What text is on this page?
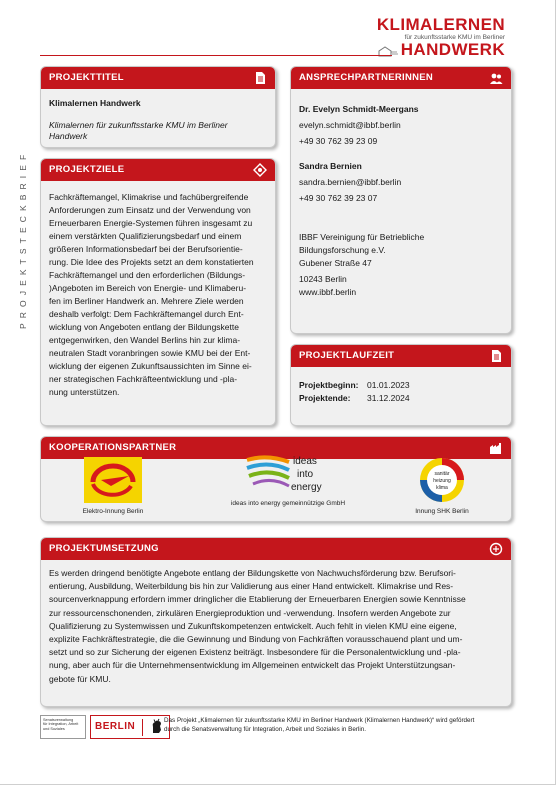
KLIMALERNEN
für zukunftsstarke KMU im Berliner
HANDWERK
PROJEKTSTECKBRIEF
PROJEKTTITEL
Klimalernen Handwerk
Klimalernen für zukunftsstarke KMU im Berliner
Handwerk
PROJEKTZIELE
Fachkräftemangel, Klimakrise und fachübergreifende
Anforderungen zum Einsatz und der Verwendung von
Erneuerbaren Energie-Systemen führen insgesamt zu
einem verstärkten Qualifizierungsbedarf und einem
größeren Informationsbedarf bei der Berufsorientie-
rung. Die Idee des Projekts setzt an dem konstatierten
Fachkräftemangel und den erforderlichen (Bildungs-
)Angeboten im Bereich von Energie- und Klimaberu-
fen im Berliner Handwerk an. Mehrere Ziele werden
deshalb verfolgt: Dem Fachkräftemangel durch Ent-
wicklung von Angeboten entlang der Bildungskette
entgegenwirken, den Wandel Berlins hin zur klima-
neutralen Stadt voranbringen sowie KMU bei der Ent-
wicklung der eigenen Zukunftsaussichten im Sinne ei-
ner strategischen Fachkräfteentwicklung und -pla-
nung unterstützen.
ANSPRECHPARTNERINNEN
Dr. Evelyn Schmidt-Meergans
evelyn.schmidt@ibbf.berlin
+49 30 762 39 23 09
Sandra Bernien
sandra.bernien@ibbf.berlin
+49 30 762 39 23 07
IBBF Vereinigung für Betriebliche
Bildungsforschung e.V.
Gubener Straße 47
10243 Berlin
www.ibbf.berlin
PROJEKTLAUFZEIT
Projektbeginn: 01.01.2023
Projektende: 31.12.2024
KOOPERATIONSPARTNER
Elektro-Innung Berlin
ideas
into
energy
ideas into energy gemeinnützige GmbH
sanitär
heizung
klima
Innung SHK Berlin
PROJEKTUMSETZUNG
Es werden dringend benötigte Angebote entlang der Bildungskette von Nachwuchsförderung bzw. Berufsori-
entierung, Ausbildung, Weiterbildung bis hin zur Validierung aus einer Hand entwickelt. Klimakrise und Res-
sourcenverknappung erfordern immer dringlicher die Etablierung der Erneuerbaren Energien sowie Kenntnisse
zur ressourcenschonenden, zirkulären Energieproduktion und -verwendung. Insofern werden Angebote zur
Qualifizierung zu Systemwissen und Zukunftskompetenzen entwickelt. Auch fehlt in vielen KMU eine eigene,
explizite Fachkräftestrategie, die die Gewinnung und Bindung von Fachkräften vorausschauend plant und um-
setzt und so zur Sicherung der eigenen Existenz beiträgt. Insbesondere für die Personalentwicklung und -pla-
nung, aber auch für die Unternehmensentwicklung im Allgemeinen entwickelt das Projekt Unterstützungsan-
gebote für KMU.
Senatsverwaltung
für Integration, Arbeit
und Soziales	BERLIN
Das Projekt „Klimalernen für zukunftsstarke KMU im Berliner Handwerk (Klimalernen Handwerk)“ wird gefördert
durch die Senatsverwaltung für Integration, Arbeit und Soziales in Berlin.
